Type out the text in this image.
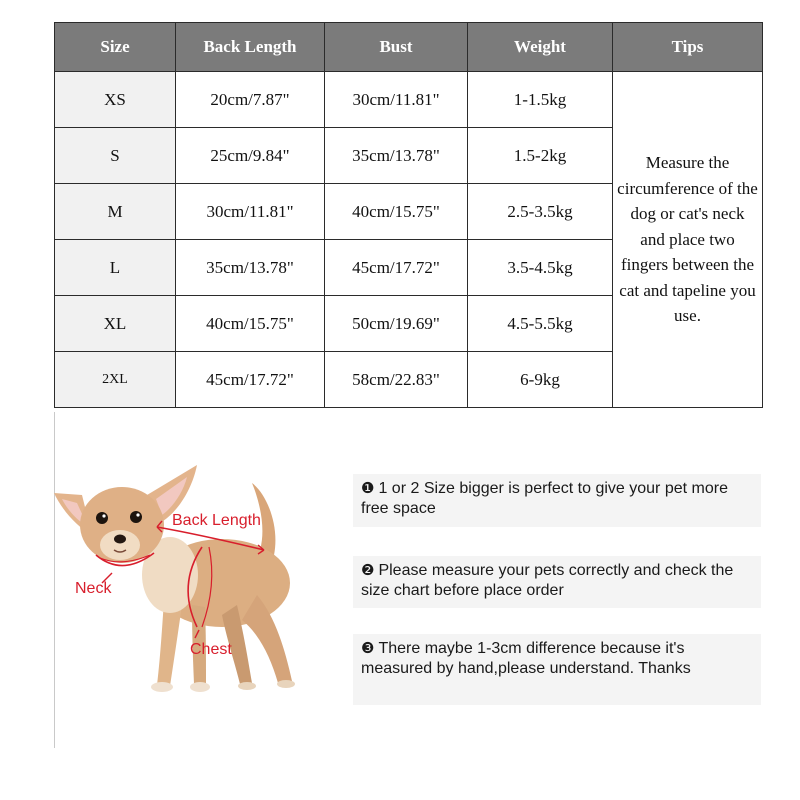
Size	Back Length	Bust	Weight	Tips
XS	20cm/7.87"	30cm/11.81"	1-1.5kg	Measure the circumference of the dog or cat's neck and place two fingers between the cat and tapeline you use.
S	25cm/9.84"	35cm/13.78"	1.5-2kg	
M	30cm/11.81"	40cm/15.75"	2.5-3.5kg	
L	35cm/13.78"	45cm/17.72"	3.5-4.5kg	
XL	40cm/15.75"	50cm/19.69"	4.5-5.5kg	
2XL	45cm/17.72"	58cm/22.83"	6-9kg	
Back Length
Neck
Chest
❶ 1 or 2 Size bigger is perfect to give your pet more free space
❷ Please measure your pets correctly and check the size chart before place order
❸ There maybe 1-3cm difference because it's measured by hand,please understand. Thanks
